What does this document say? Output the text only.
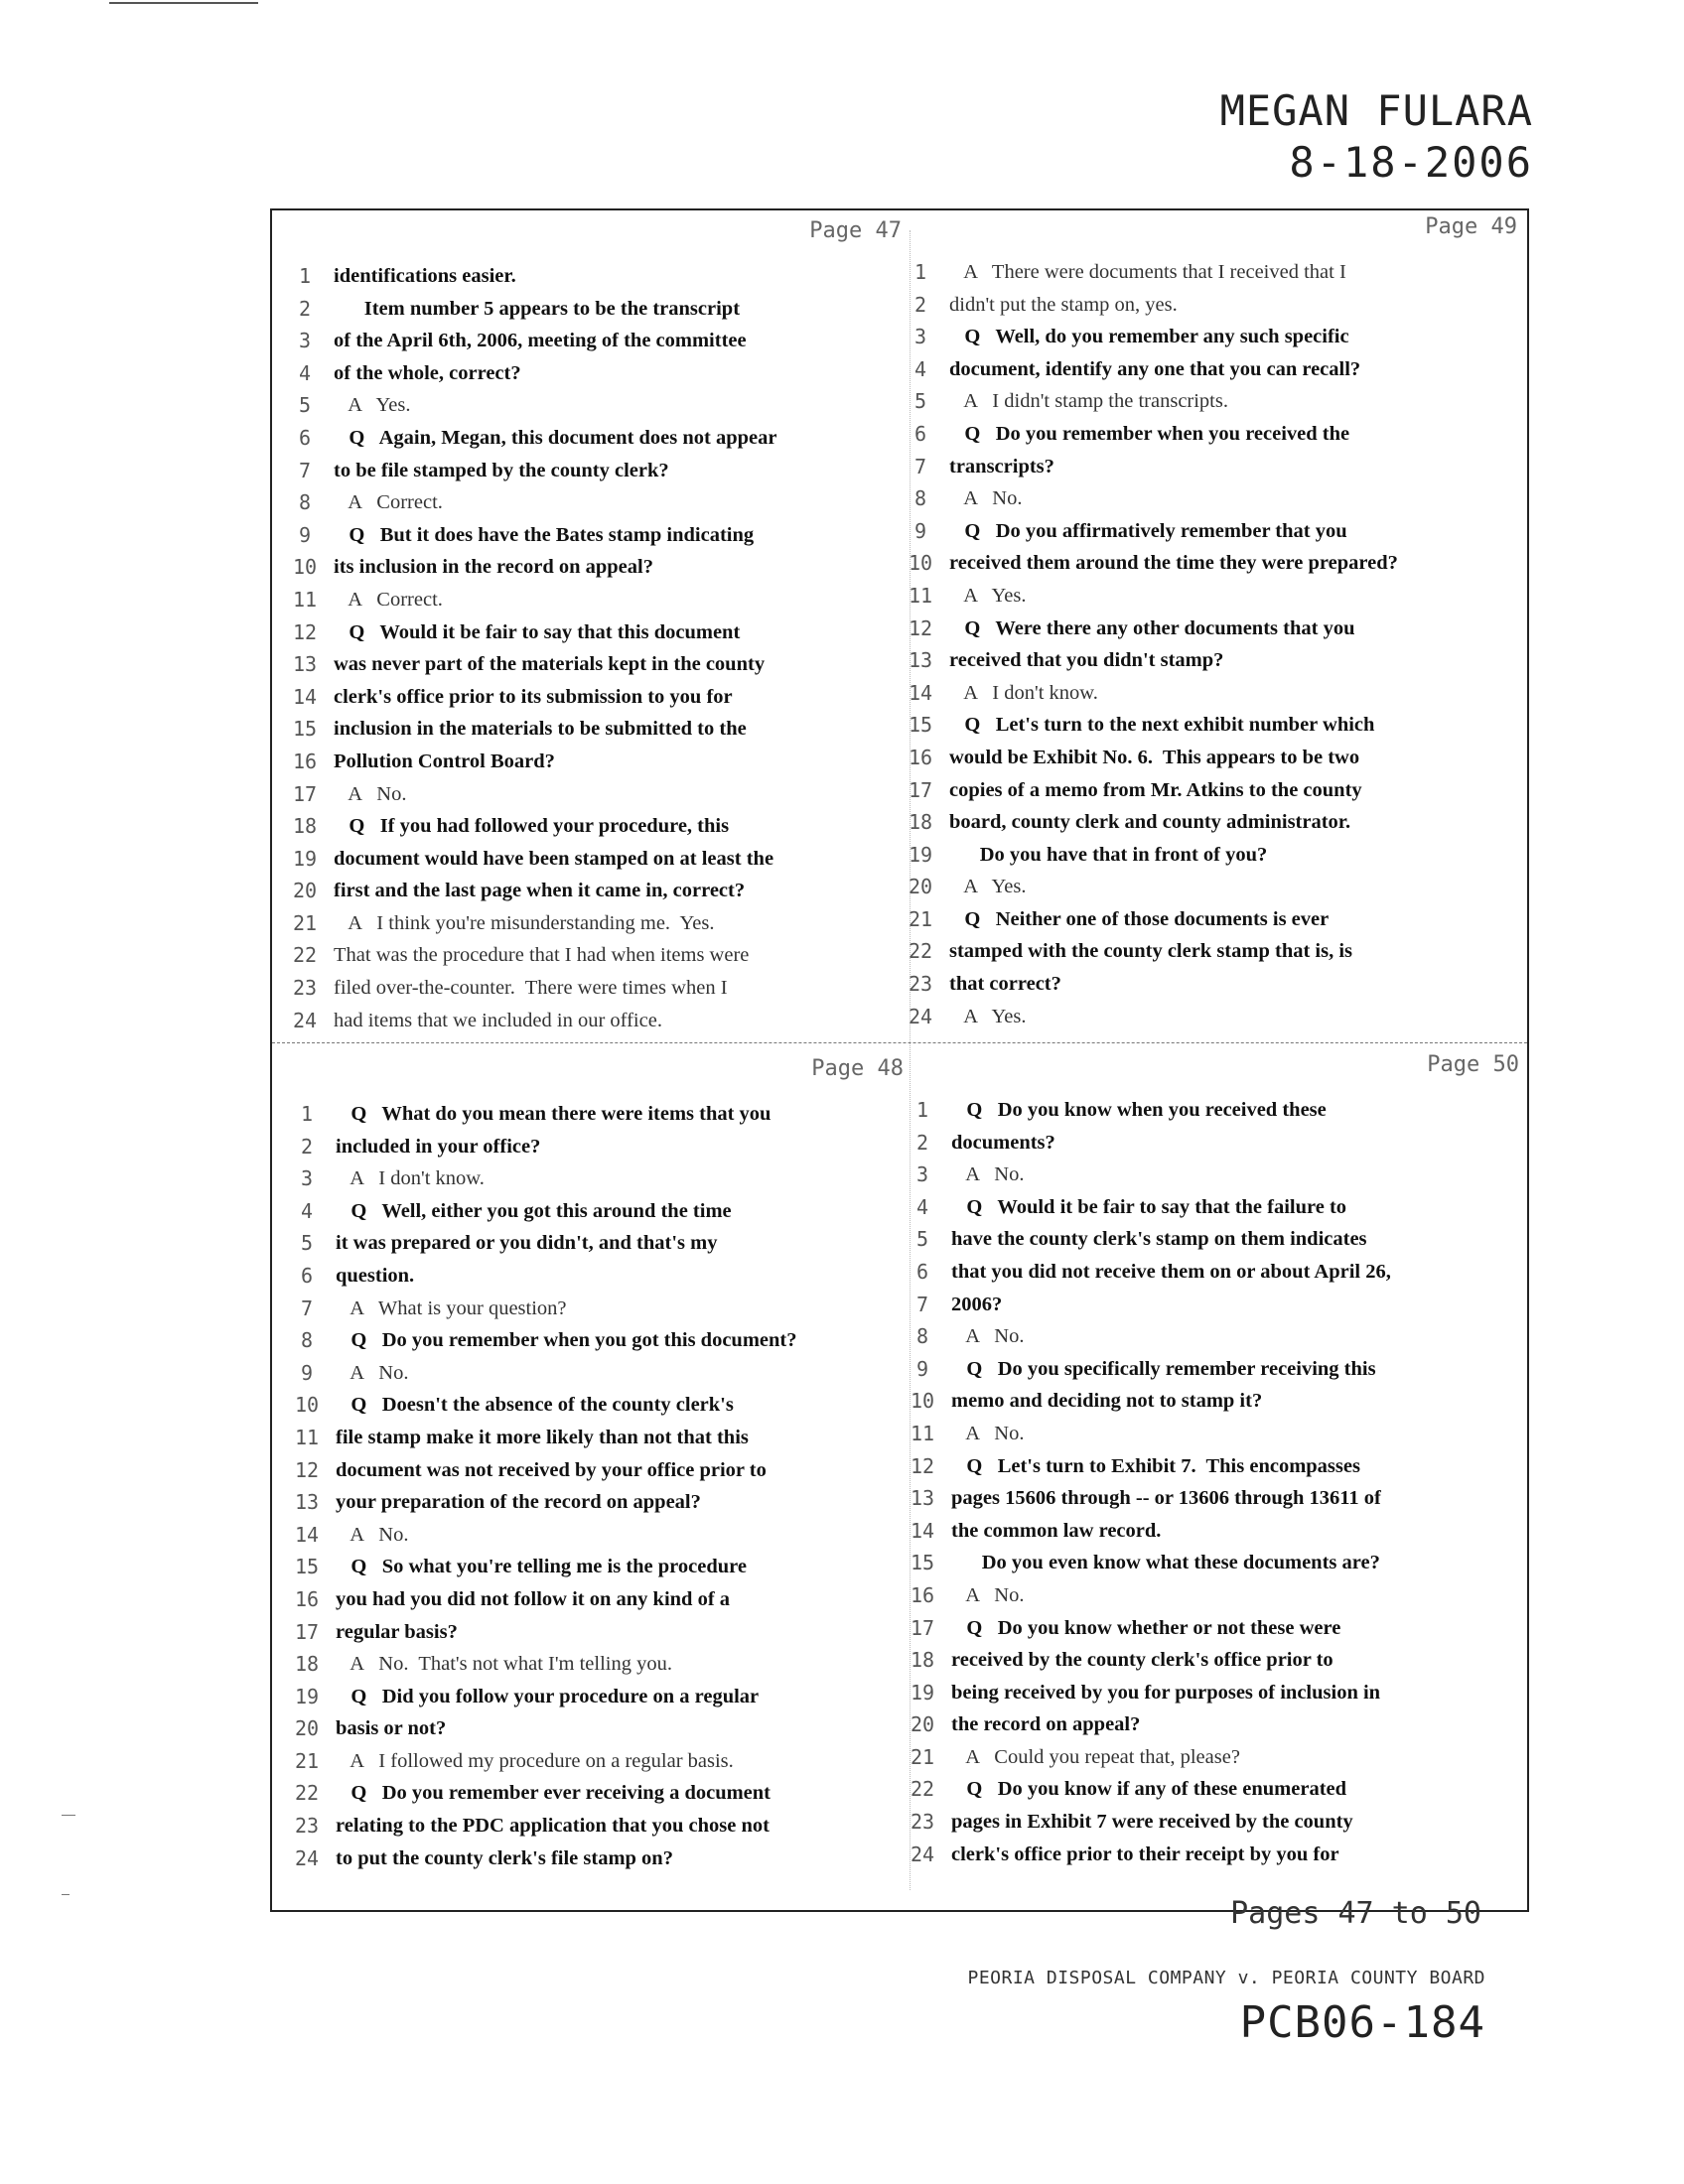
MEGAN FULARA
8-18-2006
Page 47
1	identifications easier.
2	Item number 5 appears to be the transcript
3	of the April 6th, 2006, meeting of the committee
4	of the whole, correct?
5	A   Yes.
6	Q   Again, Megan, this document does not appear
7	to be file stamped by the county clerk?
8	A   Correct.
9	Q   But it does have the Bates stamp indicating
10 its inclusion in the record on appeal?
11 A   Correct.
12 Q   Would it be fair to say that this document
13 was never part of the materials kept in the county
14 clerk's office prior to its submission to you for
15 inclusion in the materials to be submitted to the
16 Pollution Control Board?
17 A   No.
18 Q   If you had followed your procedure, this
19 document would have been stamped on at least the
20 first and the last page when it came in, correct?
21 A   I think you're misunderstanding me.  Yes.
22 That was the procedure that I had when items were
23 filed over-the-counter.  There were times when I
24 had items that we included in our office.
Page 49
1	A   There were documents that I received that I
2	didn't put the stamp on, yes.
3	Q   Well, do you remember any such specific
4	document, identify any one that you can recall?
5	A   I didn't stamp the transcripts.
6	Q   Do you remember when you received the
7	transcripts?
8	A   No.
9	Q   Do you affirmatively remember that you
10 received them around the time they were prepared?
11 A   Yes.
12 Q   Were there any other documents that you
13 received that you didn't stamp?
14 A   I don't know.
15 Q   Let's turn to the next exhibit number which
16 would be Exhibit No. 6.  This appears to be two
17 copies of a memo from Mr. Atkins to the county
18 board, county clerk and county administrator.
19 Do you have that in front of you?
20 A   Yes.
21 Q   Neither one of those documents is ever
22 stamped with the county clerk stamp that is, is
23 that correct?
24 A   Yes.
Page 48
1	Q   What do you mean there were items that you
2	included in your office?
3	A   I don't know.
4	Q   Well, either you got this around the time
5	it was prepared or you didn't, and that's my
6	question.
7	A   What is your question?
8	Q   Do you remember when you got this document?
9	A   No.
10 Q   Doesn't the absence of the county clerk's
11 file stamp make it more likely than not that this
12 document was not received by your office prior to
13 your preparation of the record on appeal?
14 A   No.
15 Q   So what you're telling me is the procedure
16 you had you did not follow it on any kind of a
17 regular basis?
18 A   No.  That's not what I'm telling you.
19 Q   Did you follow your procedure on a regular
20 basis or not?
21 A   I followed my procedure on a regular basis.
22 Q   Do you remember ever receiving a document
23 relating to the PDC application that you chose not
24 to put the county clerk's file stamp on?
Page 50
1	Q   Do you know when you received these
2	documents?
3	A   No.
4	Q   Would it be fair to say that the failure to
5	have the county clerk's stamp on them indicates
6	that you did not receive them on or about April 26,
7	2006?
8	A   No.
9	Q   Do you specifically remember receiving this
10 memo and deciding not to stamp it?
11 A   No.
12 Q   Let's turn to Exhibit 7.  This encompasses
13 pages 15606 through -- or 13606 through 13611 of
14 the common law record.
15 Do you even know what these documents are?
16 A   No.
17 Q   Do you know whether or not these were
18 received by the county clerk's office prior to
19 being received by you for purposes of inclusion in
20 the record on appeal?
21 A   Could you repeat that, please?
22 Q   Do you know if any of these enumerated
23 pages in Exhibit 7 were received by the county
24 clerk's office prior to their receipt by you for
Pages 47 to 50
PEORIA DISPOSAL COMPANY v. PEORIA COUNTY BOARD
PCB06-184
